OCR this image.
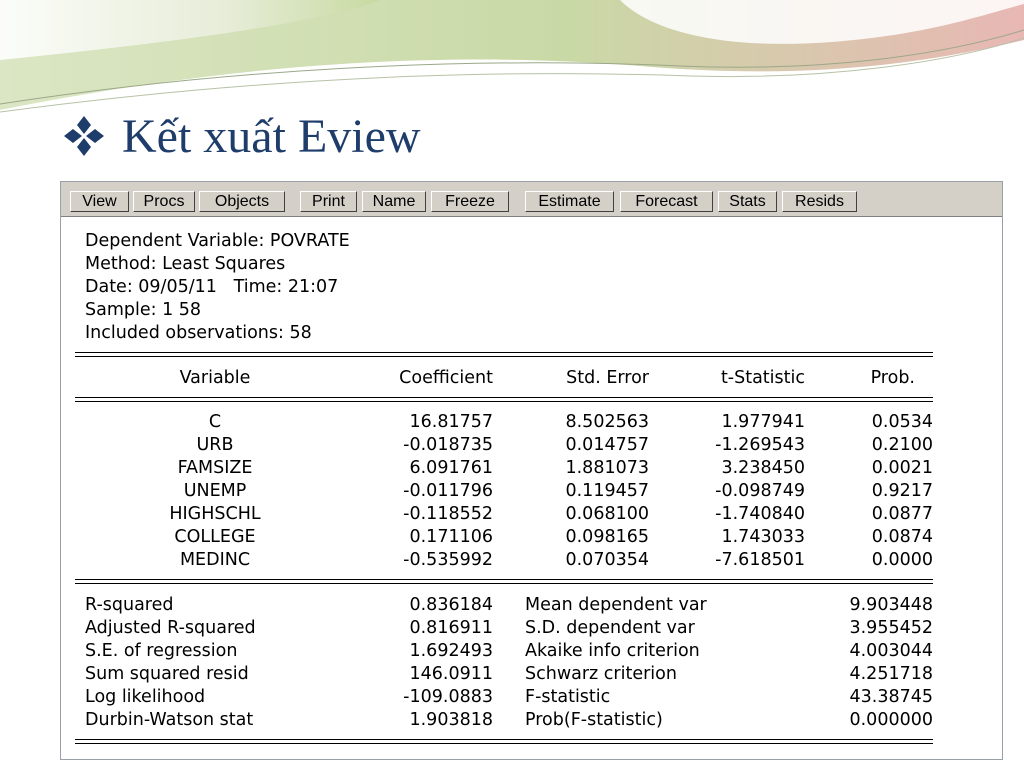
Kết xuất Eview
View	Procs	Objects	Print	Name	Freeze	Estimate	Forecast	Stats	Resids
Dependent Variable: POVRATE
Method: Least Squares
Date: 09/05/11   Time: 21:07
Sample: 1 58
Included observations: 58
Variable	Coefficient	Std. Error	t-Statistic	Prob.
C	16.81757	8.502563	1.977941	0.0534
URB	-0.018735	0.014757	-1.269543	0.2100
FAMSIZE	6.091761	1.881073	3.238450	0.0021
UNEMP	-0.011796	0.119457	-0.098749	0.9217
HIGHSCHL	-0.118552	0.068100	-1.740840	0.0877
COLLEGE	0.171106	0.098165	1.743033	0.0874
MEDINC	-0.535992	0.070354	-7.618501	0.0000
R-squared	0.836184 Mean dependent var	9.903448
Adjusted R-squared	0.816911 S.D. dependent var	3.955452
S.E. of regression	1.692493 Akaike info criterion	4.003044
Sum squared resid	146.0911 Schwarz criterion	4.251718
Log likelihood	-109.0883 F-statistic	43.38745
Durbin-Watson stat	1.903818 Prob(F-statistic)	0.000000
